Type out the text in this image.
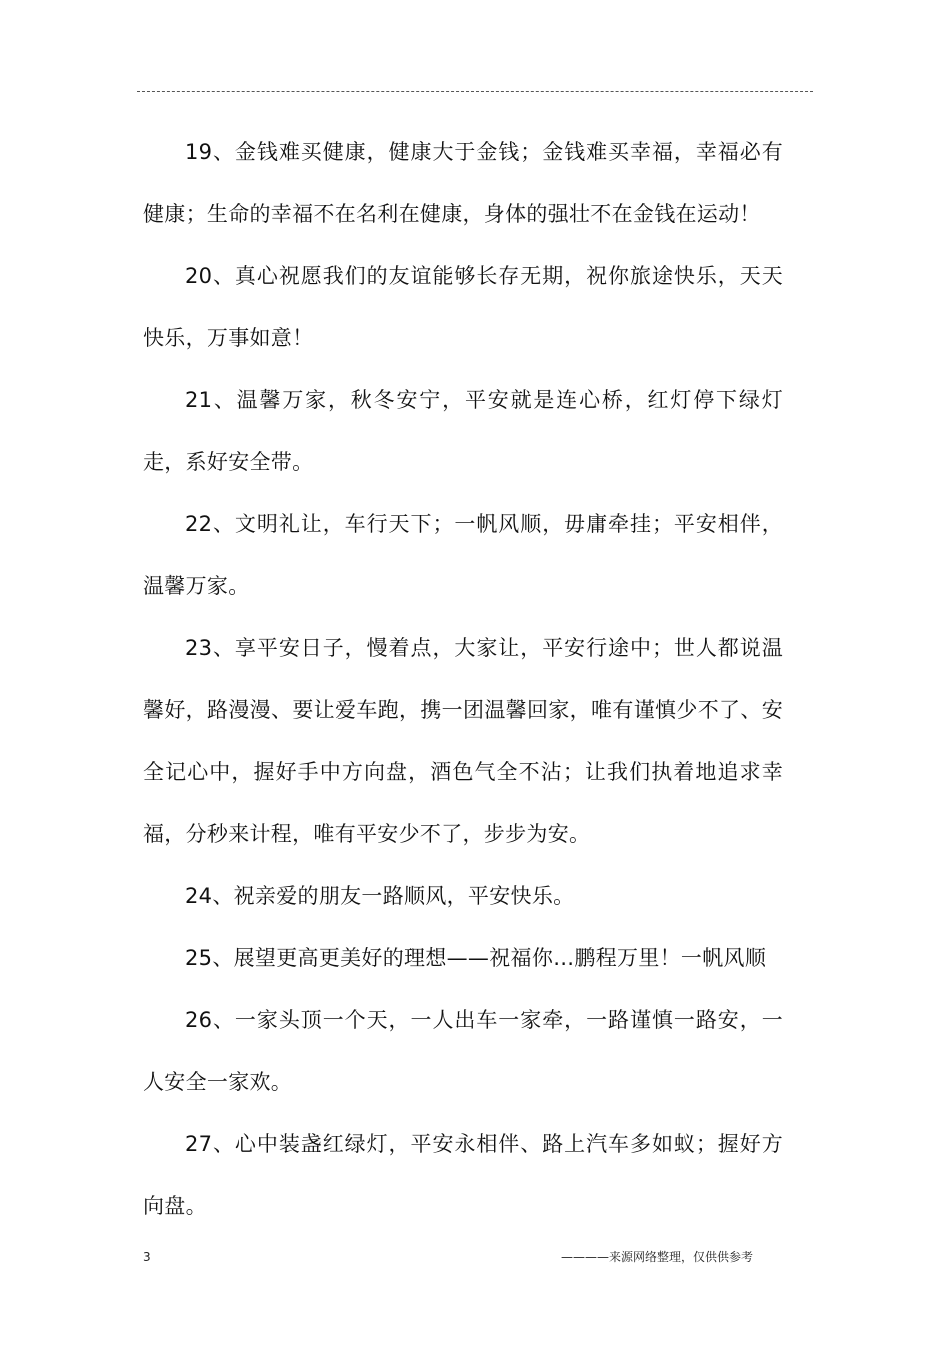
19、金钱难买健康，健康大于金钱；金钱难买幸福，幸福必有健康；生命的幸福不在名利在健康，身体的强壮不在金钱在运动！

20、真心祝愿我们的友谊能够长存无期，祝你旅途快乐，天天快乐，万事如意！

21、温馨万家，秋冬安宁，平安就是连心桥，红灯停下绿灯走，系好安全带。

22、文明礼让，车行天下；一帆风顺，毋庸牵挂；平安相伴，温馨万家。

23、享平安日子，慢着点，大家让，平安行途中；世人都说温馨好，路漫漫、要让爱车跑，携一团温馨回家，唯有谨慎少不了、安全记心中，握好手中方向盘，酒色气全不沾；让我们执着地追求幸福，分秒来计程，唯有平安少不了，步步为安。

24、祝亲爱的朋友一路顺风，平安快乐。

25、展望更高更美好的理想——祝福你…鹏程万里！一帆风顺

26、一家头顶一个天，一人出车一家牵，一路谨慎一路安，一人安全一家欢。

27、心中装盏红绿灯，平安永相伴、路上汽车多如蚁；握好方向盘。

3	————来源网络整理，仅供供参考
